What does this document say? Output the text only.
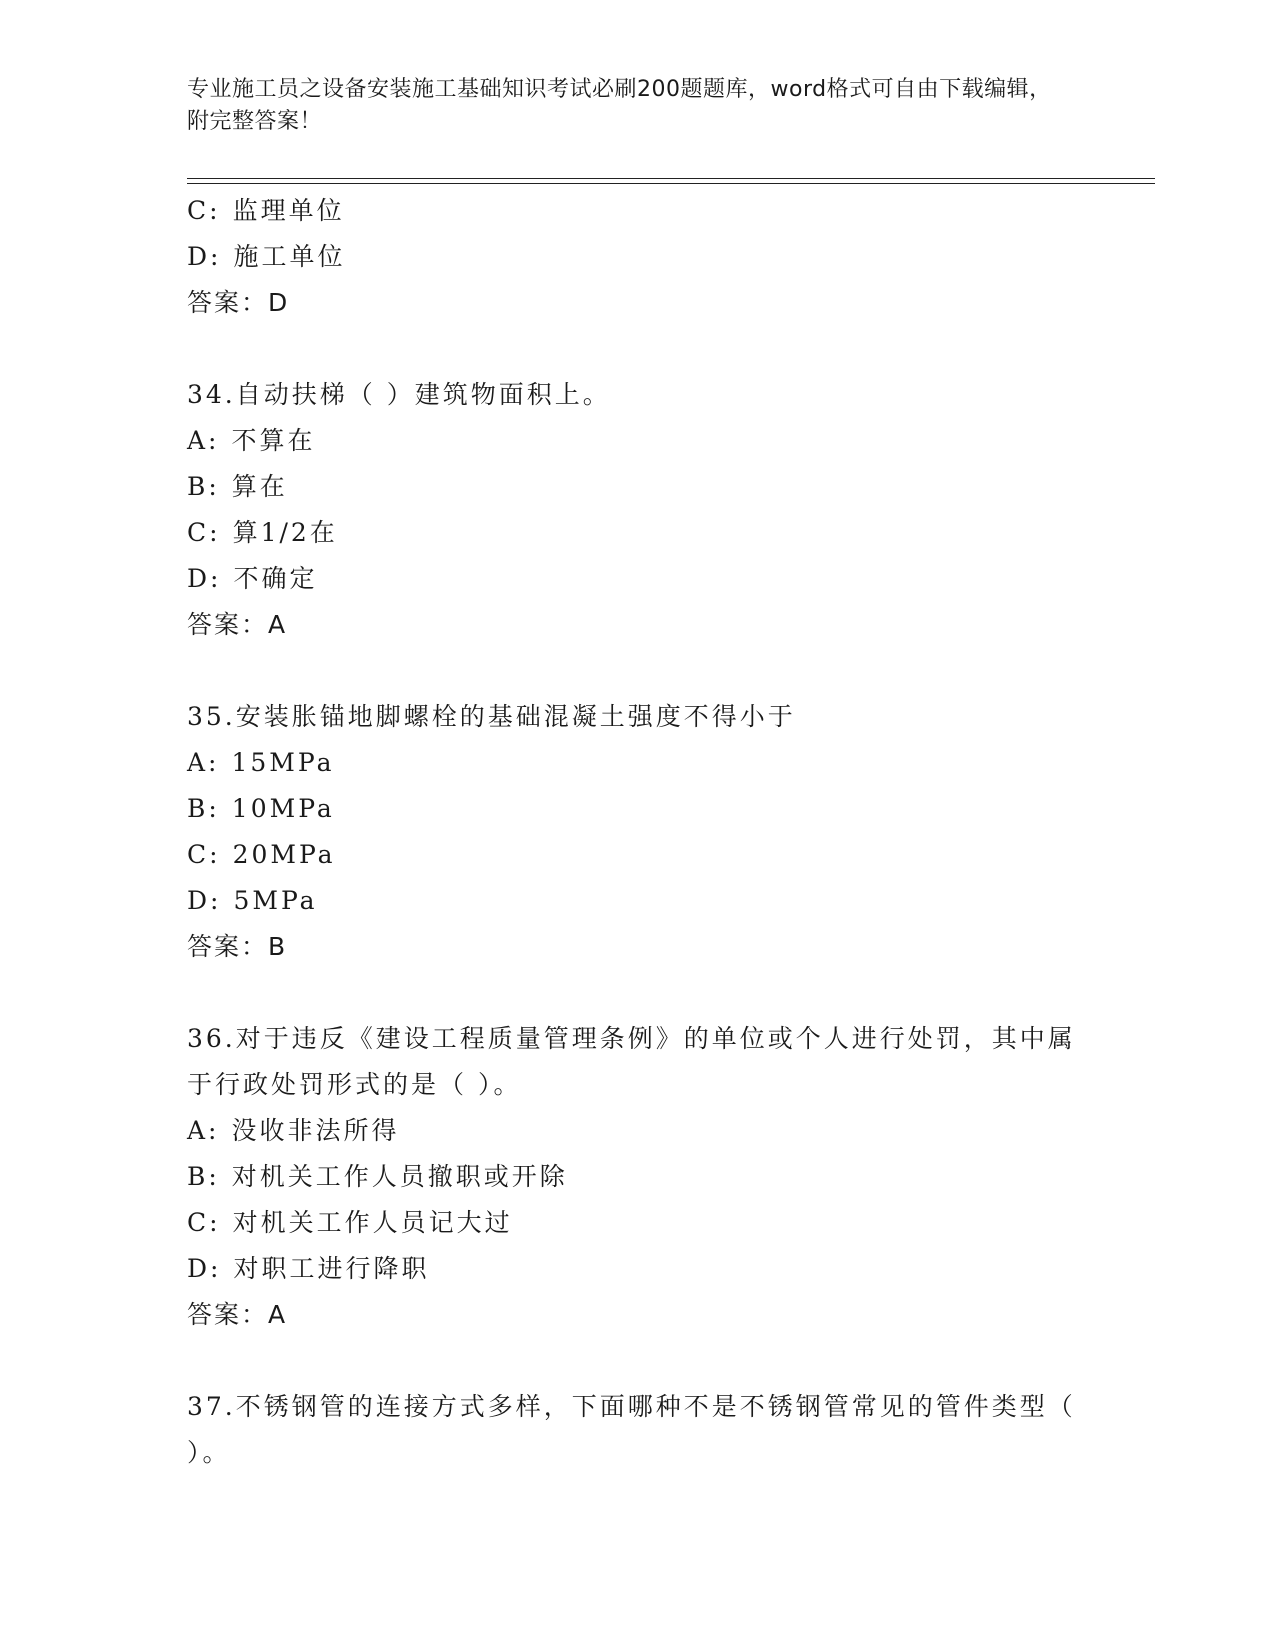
专业施工员之设备安装施工基础知识考试必刷200题题库，word格式可自由下载编辑，附完整答案！
C: 监理单位
D: 施工单位
答案：D
34.自动扶梯（ ）建筑物面积上。
A: 不算在
B: 算在
C: 算1/2在
D: 不确定
答案：A
35.安装胀锚地脚螺栓的基础混凝土强度不得小于
A: 15MPa
B: 10MPa
C: 20MPa
D: 5MPa
答案：B
36.对于违反《建设工程质量管理条例》的单位或个人进行处罚，其中属于行政处罚形式的是（ ）。
A: 没收非法所得
B: 对机关工作人员撤职或开除
C: 对机关工作人员记大过
D: 对职工进行降职
答案：A
37.不锈钢管的连接方式多样，下面哪种不是不锈钢管常见的管件类型（ ）。
